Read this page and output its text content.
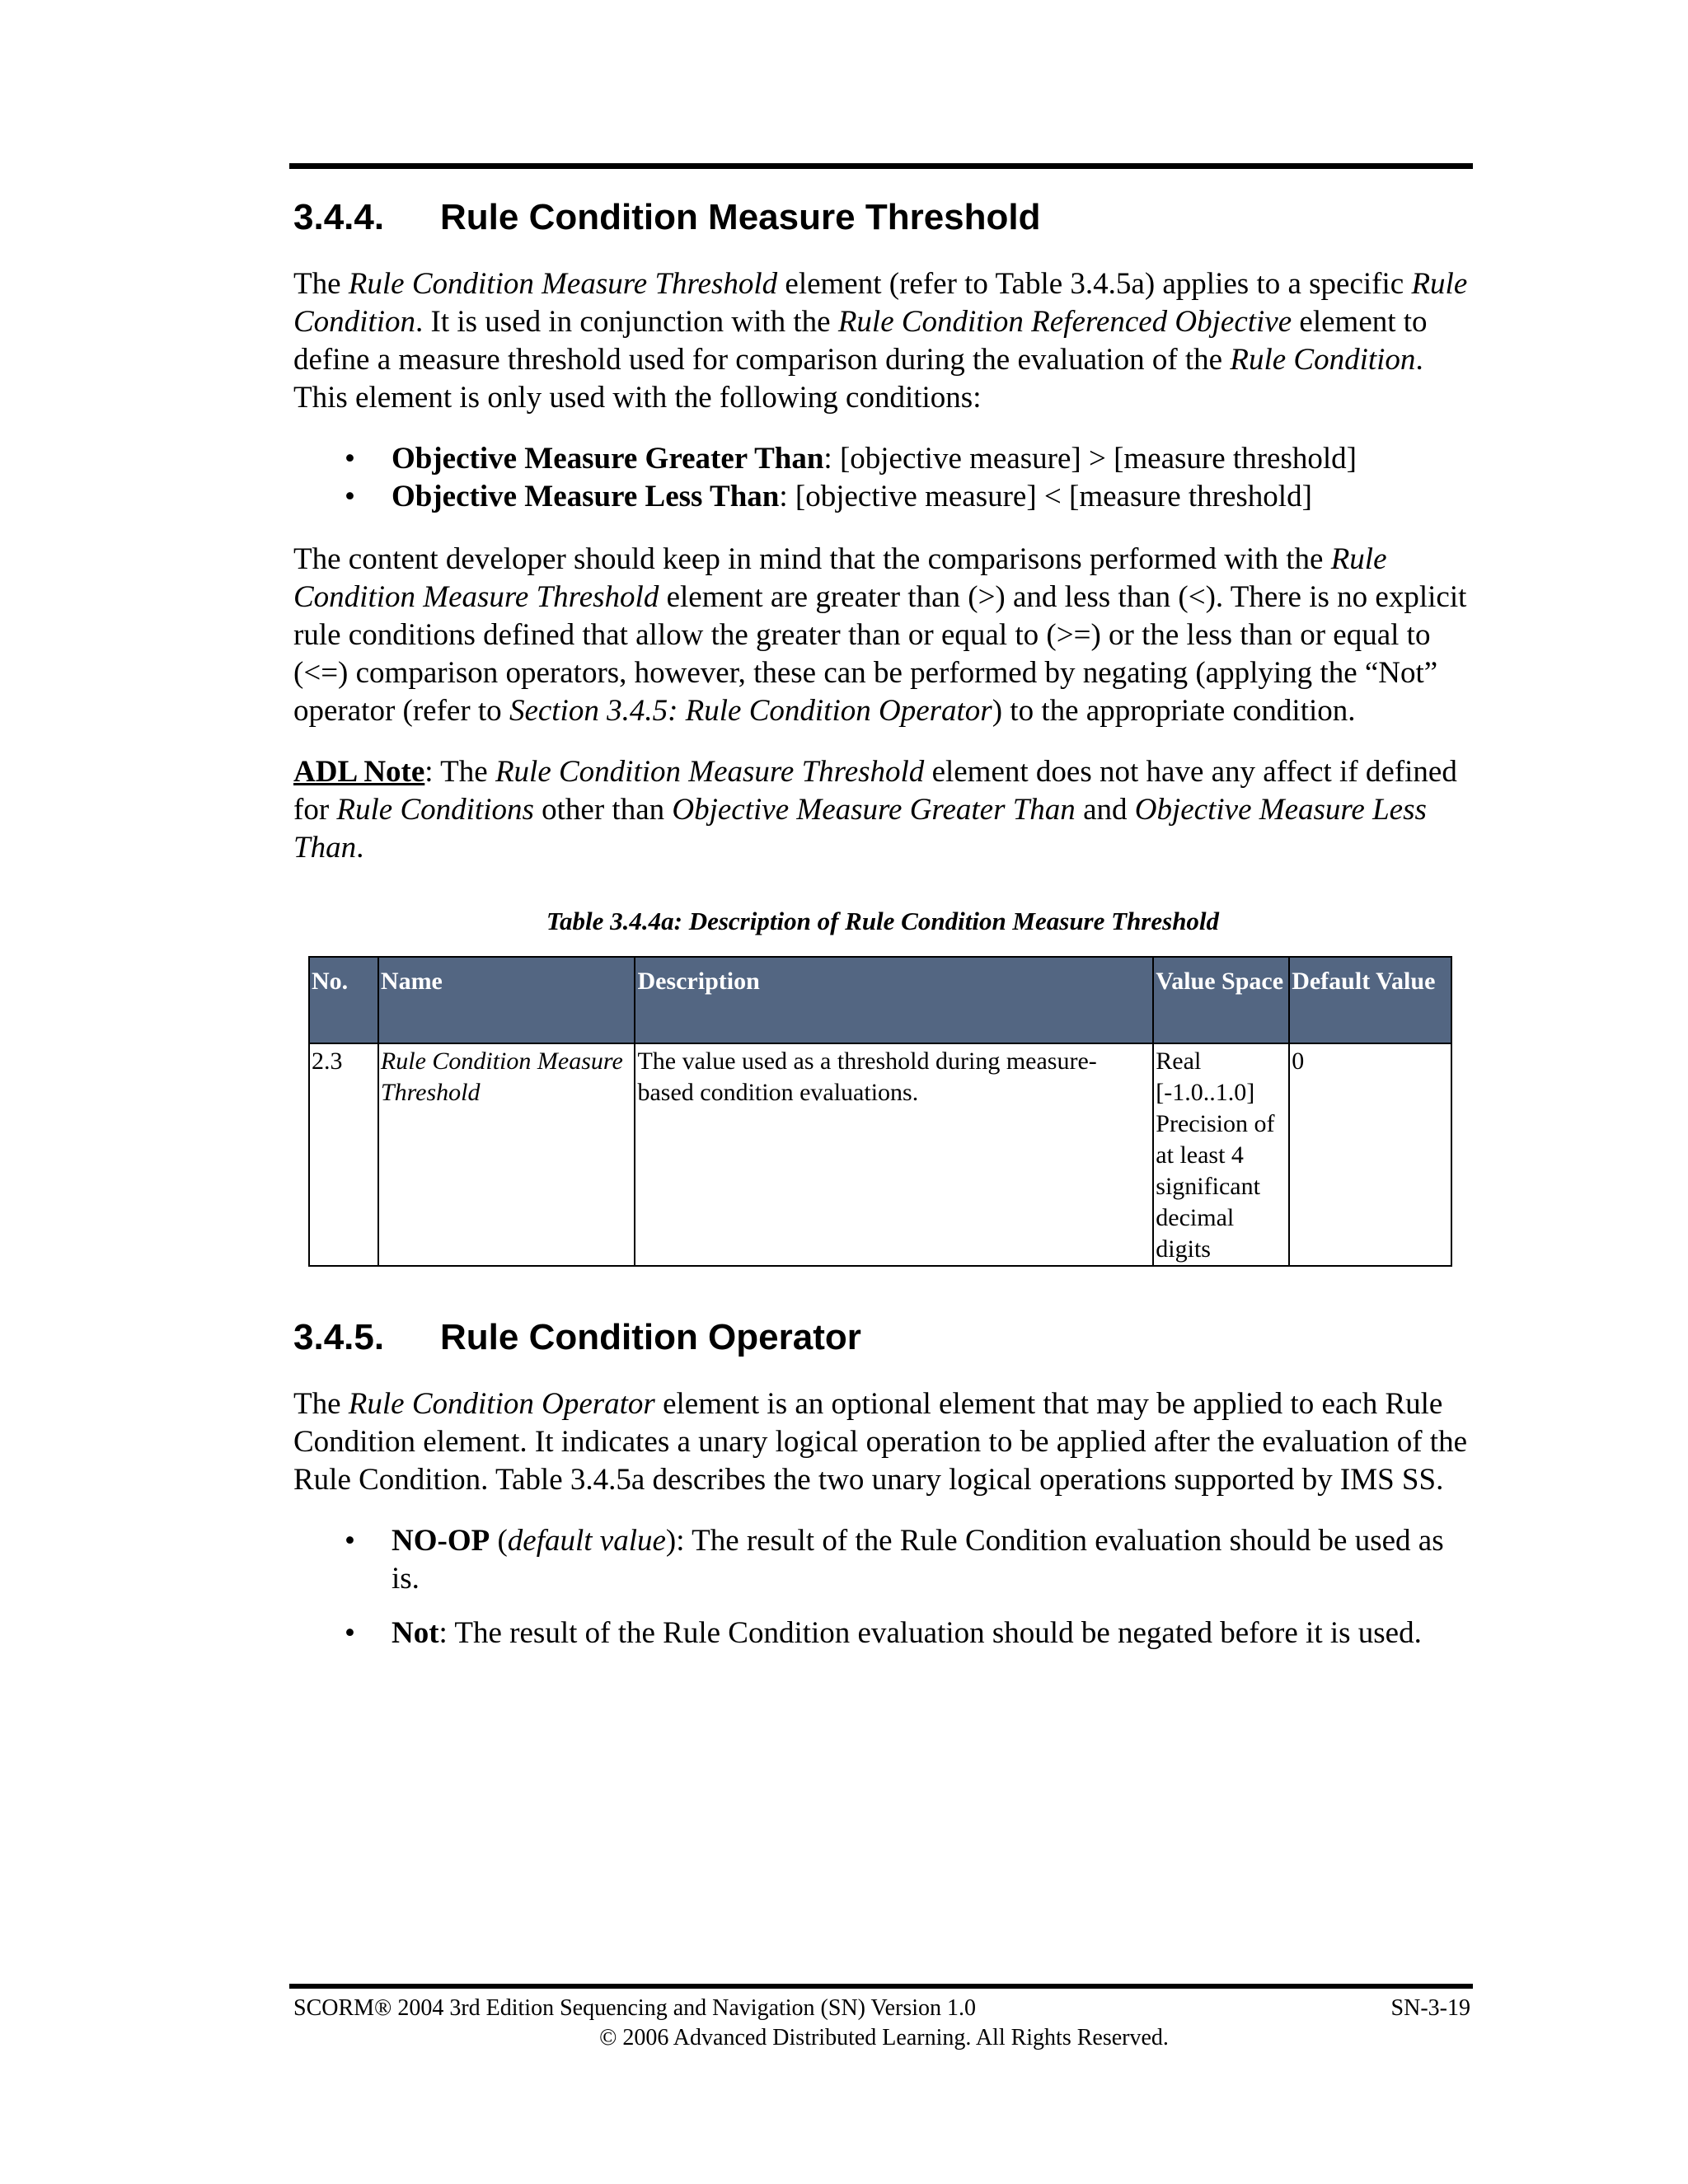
3.4.4. Rule Condition Measure Threshold

The Rule Condition Measure Threshold element (refer to Table 3.4.5a) applies to a specific Rule Condition. It is used in conjunction with the Rule Condition Referenced Objective element to define a measure threshold used for comparison during the evaluation of the Rule Condition. This element is only used with the following conditions:

• Objective Measure Greater Than: [objective measure] > [measure threshold]
• Objective Measure Less Than: [objective measure] < [measure threshold]

The content developer should keep in mind that the comparisons performed with the Rule Condition Measure Threshold element are greater than (>) and less than (<). There is no explicit rule conditions defined that allow the greater than or equal to (>=) or the less than or equal to (<=) comparison operators, however, these can be performed by negating (applying the “Not” operator (refer to Section 3.4.5: Rule Condition Operator) to the appropriate condition.

ADL Note: The Rule Condition Measure Threshold element does not have any affect if defined for Rule Conditions other than Objective Measure Greater Than and Objective Measure Less Than.

Table 3.4.4a: Description of Rule Condition Measure Threshold
No.	Name	Description	Value Space	Default Value
2.3	Rule Condition Measure Threshold	The value used as a threshold during measure-based condition evaluations.	Real [-1.0..1.0] Precision of at least 4 significant decimal digits	0
3.4.5. Rule Condition Operator

The Rule Condition Operator element is an optional element that may be applied to each Rule Condition element. It indicates a unary logical operation to be applied after the evaluation of the Rule Condition. Table 3.4.5a describes the two unary logical operations supported by IMS SS.

• NO-OP (default value): The result of the Rule Condition evaluation should be used as is.
• Not: The result of the Rule Condition evaluation should be negated before it is used.
SCORM® 2004 3rd Edition Sequencing and Navigation (SN) Version 1.0	SN-3-19
© 2006 Advanced Distributed Learning. All Rights Reserved.
